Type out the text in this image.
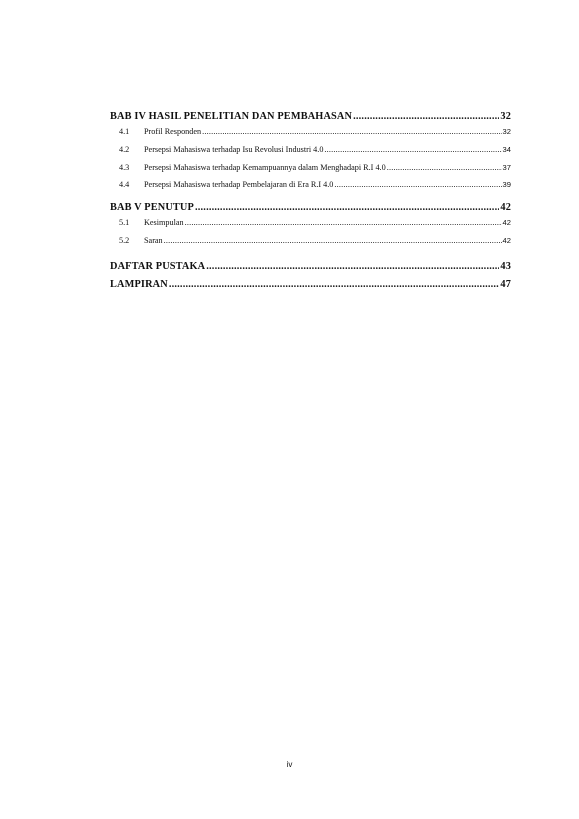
BAB IV HASIL PENELITIAN DAN PEMBAHASAN .....	32
4.1	Profil Responden .....	32
4.2	Persepsi Mahasiswa terhadap Isu Revolusi Industri 4.0 .....	34
4.3	Persepsi Mahasiswa terhadap Kemampuannya dalam Menghadapi R.I 4.0 .....	37
4.4	Persepsi Mahasiswa terhadap Pembelajaran di Era R.I 4.0 .....	39
BAB V PENUTUP .....	42
5.1	Kesimpulan .....	42
5.2	Saran .....	42
DAFTAR PUSTAKA .....	43
LAMPIRAN .....	47
iv
